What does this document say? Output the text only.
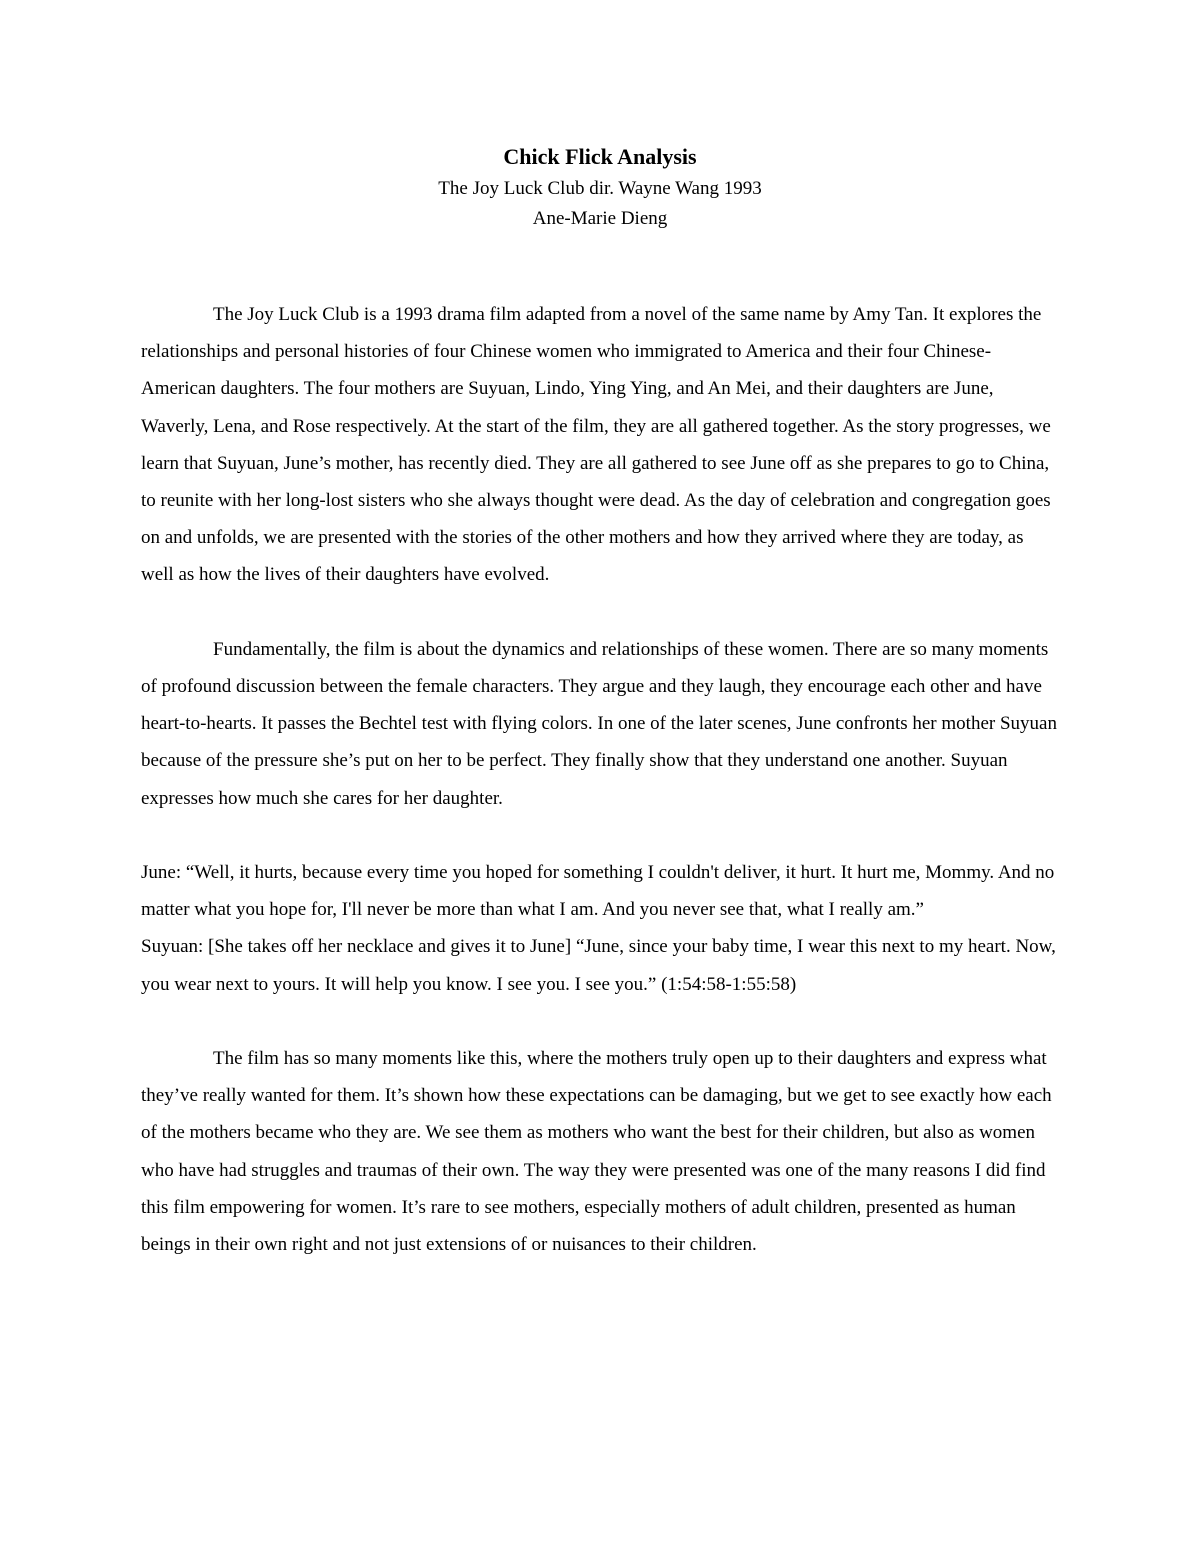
Chick Flick Analysis
The Joy Luck Club dir. Wayne Wang 1993
Ane-Marie Dieng

The Joy Luck Club is a 1993 drama film adapted from a novel of the same name by Amy Tan. It explores the relationships and personal histories of four Chinese women who immigrated to America and their four Chinese-American daughters. The four mothers are Suyuan, Lindo, Ying Ying, and An Mei, and their daughters are June, Waverly, Lena, and Rose respectively. At the start of the film, they are all gathered together. As the story progresses, we learn that Suyuan, June’s mother, has recently died. They are all gathered to see June off as she prepares to go to China, to reunite with her long-lost sisters who she always thought were dead. As the day of celebration and congregation goes on and unfolds, we are presented with the stories of the other mothers and how they arrived where they are today, as well as how the lives of their daughters have evolved.

Fundamentally, the film is about the dynamics and relationships of these women. There are so many moments of profound discussion between the female characters. They argue and they laugh, they encourage each other and have heart-to-hearts. It passes the Bechtel test with flying colors. In one of the later scenes, June confronts her mother Suyuan because of the pressure she’s put on her to be perfect. They finally show that they understand one another. Suyuan expresses how much she cares for her daughter.

June: “Well, it hurts, because every time you hoped for something I couldn't deliver, it hurt. It hurt me, Mommy. And no matter what you hope for, I'll never be more than what I am. And you never see that, what I really am.”

Suyuan: [She takes off her necklace and gives it to June] “June, since your baby time, I wear this next to my heart. Now, you wear next to yours. It will help you know. I see you. I see you.” (1:54:58-1:55:58)

The film has so many moments like this, where the mothers truly open up to their daughters and express what they’ve really wanted for them. It’s shown how these expectations can be damaging, but we get to see exactly how each of the mothers became who they are. We see them as mothers who want the best for their children, but also as women who have had struggles and traumas of their own. The way they were presented was one of the many reasons I did find this film empowering for women. It’s rare to see mothers, especially mothers of adult children, presented as human beings in their own right and not just extensions of or nuisances to their children.
